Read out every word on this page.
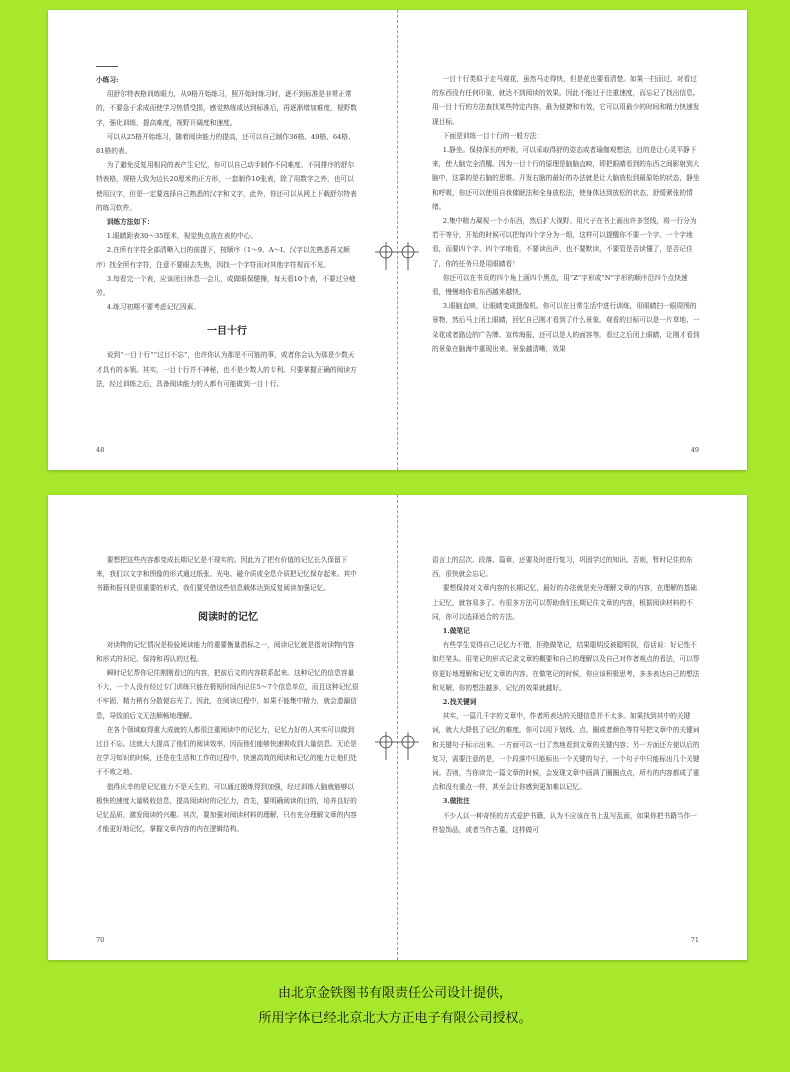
小练习:

用舒尔特表格训练眼力，从9格开始练习，照开始时练习时，逐不到标准是非常正常的，不要急于求成而使学习热情受损，感觉熟练或达到标准后，再逐渐增加难度，视野数字，强化训练，提高难度，视野开阔度和速度。

可以从25格开始练习，随着阅读能力的提高，还可以自己制作36格、49格、64格、81格的表。

为了避免反复用相同的表产生记忆，你可以自己动手制作不同难度、不同排序的舒尔特表格，规格大致为边长20厘米的正方形，一套制作10张表，除了用数字之外，也可以使用汉字，但是一定要选择自己熟悉的汉字和文字，此外，你还可以从网上下载舒尔特表的练习软件。

训练方法如下：

1.眼睛距表30～35厘米，视觉焦点放在表的中心。

2.在所有字符全部清晰入目的前提下，按顺序（1～9、A～I、汉字以先熟悉再又顺序）找全所有字符，注意不要眼去失焦，因找一个字符而对其他字符视而不见。

3.每看完一个表，应该闭目休息一会儿，或做眼保健操，每天看10个表，不要过分疲劳。

4.练习初期不要考虑记忆因素。

一目十行

说到“一目十行”“过目不忘”，也许你认为那是不可能的事，或者你会认为那是少数天才具有的本领。其实，一目十行并不神秘，也不是少数人的专利。只要掌握正确的阅读方法，经过训练之后，具备阅读能力的人都有可能做到一目十行。

48

一目十行类似于走马观花，虽然马走得快，但是花也要看清楚。如果一扫而过，对看过的东西没有任何印象，就达不到阅读的效果。因此不能过于注重速度，而忘记了找出信息。用一目十行的方法查找某些特定内容，最为便捷和有效，它可以用最少的时间和精力快速发现目标。

下面是训练一目十行的一般方法：

1.静坐。保持深长的呼吸，可以采取得舒的姿态或者瑜伽观想法，目的是让心灵平静下来，使大脑完全清醒。因为一目十行的原理是脑脑直映，即把眼睛看到的东西之间影射到大脑中，这靠的是右脑的思维。开发右脑的最好的办法就是让大脑放松到最原始的状态，静坐和呼吸，你还可以使用自我催眠法和全身放松法，使身体达到放松的状态，舒缓紧张的情绪。

2.集中精力凝视一个小东西，然后扩大视野。用尺子在书上画出许多竖线，将一行分为若干等分，开始的时候可以把每四个字分为一组，这样可以提醒你不要一个字、一个字地看，而要四个字、四个字地看，不要读出声，也不要默读，不要管是否读懂了，是否记住了，你的任务只是用眼睛看！

你还可以在书页的四个角上画四个黑点，用“Z”字形或“N”字形的顺序沿四个点快速看，慢慢地你看东西越来越快。

3.眼脑直映，让眼睛变成摄像机。你可以在日常生活中进行训练，用眼睛扫一眼周围的景物，然后马上闭上眼睛，回忆自己刚才看到了什么景象。观看的目标可以是一片草地、一朵花或者路边的广告牌、宣传海报，还可以是人的面容等。看过之后闭上眼睛，让刚才看到的景象在脑海中重现出来。景象越清晰，效果

49

要想把这些内容都变成长期记忆是不现实的。因此为了把有价值的记忆长久保留下来，我们以文字和图像的形式通过纸张、光电、磁介质或全息介质把记忆保存起来。其中书籍和报刊是很重要的形式，我们要凭借这些信息载体达到反复阅读加强记忆。

阅读时的记忆

对读物的记忆情况是检验阅读能力的重要衡量指标之一，阅读记忆就是指对读物内容和形式的识记、保持和再认的过程。

瞬时记忆帮你记住刚刚看过的内容，把前后文的内容联系起来。这种记忆的信息容量不大，一个人没有经过专门训练只能在极短时间内记住5～7个信息单位，而且这种记忆很不牢固，精力稍有分散便忘光了。因此，在阅读过程中，如果不能集中精力，就会遗漏信息，导致前后文无法顺畅地理解。

在各个领域取得重大成就的人都很注重阅读中的记忆力，记忆力好的人其实可以做到过目不忘。这就大大提高了他们的阅读效率，因而他们能够快速吸收到大量信息。无论是在学习知识的时候，还是在生活和工作的过程中，快速高效的阅读和记忆的能力让他们处于不败之地。

值得庆幸的是记忆能力不是天生的，可以通过锻炼得到加强，经过训练大脑就能够以极快的速度大量吸收信息，提高阅读时的记忆力，首先，要明确阅读的目的，培养良好的记忆品质，激发阅读的兴趣。其次，要加强对阅读材料的理解，只有充分理解文章的内容才能更好地记忆，掌握文章内容的内在逻辑结构。

70

语言上的层次、段落、篇章，还要及时进行复习，巩固学过的知识。否则，暂时记住的东西，很快就会忘记。

要想保持对文章内容的长期记忆，最好的办法就是充分理解文章的内容，在理解的基础上记忆，就容易多了。有很多方法可以帮助我们长期记住文章的内容，根据阅读材料的不同，你可以选择适合的方法。

1.做笔记

有些学生觉得自己记忆力不错，拒绝做笔记，结果聪明反被聪明误，俗话说：好记性不如烂笔头。用笔记的形式记录文章的概要和自己的理解以及自己对作者观点的看法，可以帮你更好地理解和记忆文章的内容。在做笔记的时候，你应该积极思考，多多表达自己的想法和见解，你的想法越多，记忆的效果就越好。

2.找关键词

其实，一篇几千字的文章中，作者所表达的关键信息并不太多。如果找到其中的关键词，就大大降低了记忆的难度。你可以用下划线、点、圈或者颜色等符号把文章中的关键词和关键句子标示出来。一方面可以一目了然地看到文章的关键内容；另一方面还方便以后的复习，需要注意的是，一个段落中只能标出一个关键的句子，一个句子中只能标出几个关键词。否则，当你读完一篇文章的时候，会发现文章中画满了圈圈点点，所有的内容都成了重点和没有重点一样，甚至会让你感到更加难以记忆。

3.做批注

不少人以一种奇怪的方式爱护书籍，认为不应该在书上乱写乱画，如果你把书籍当作一件装饰品，或者当作古董，这样做可

71
由北京金铁图书有限责任公司设计提供，
所用字体已经北京北大方正电子有限公司授权。
